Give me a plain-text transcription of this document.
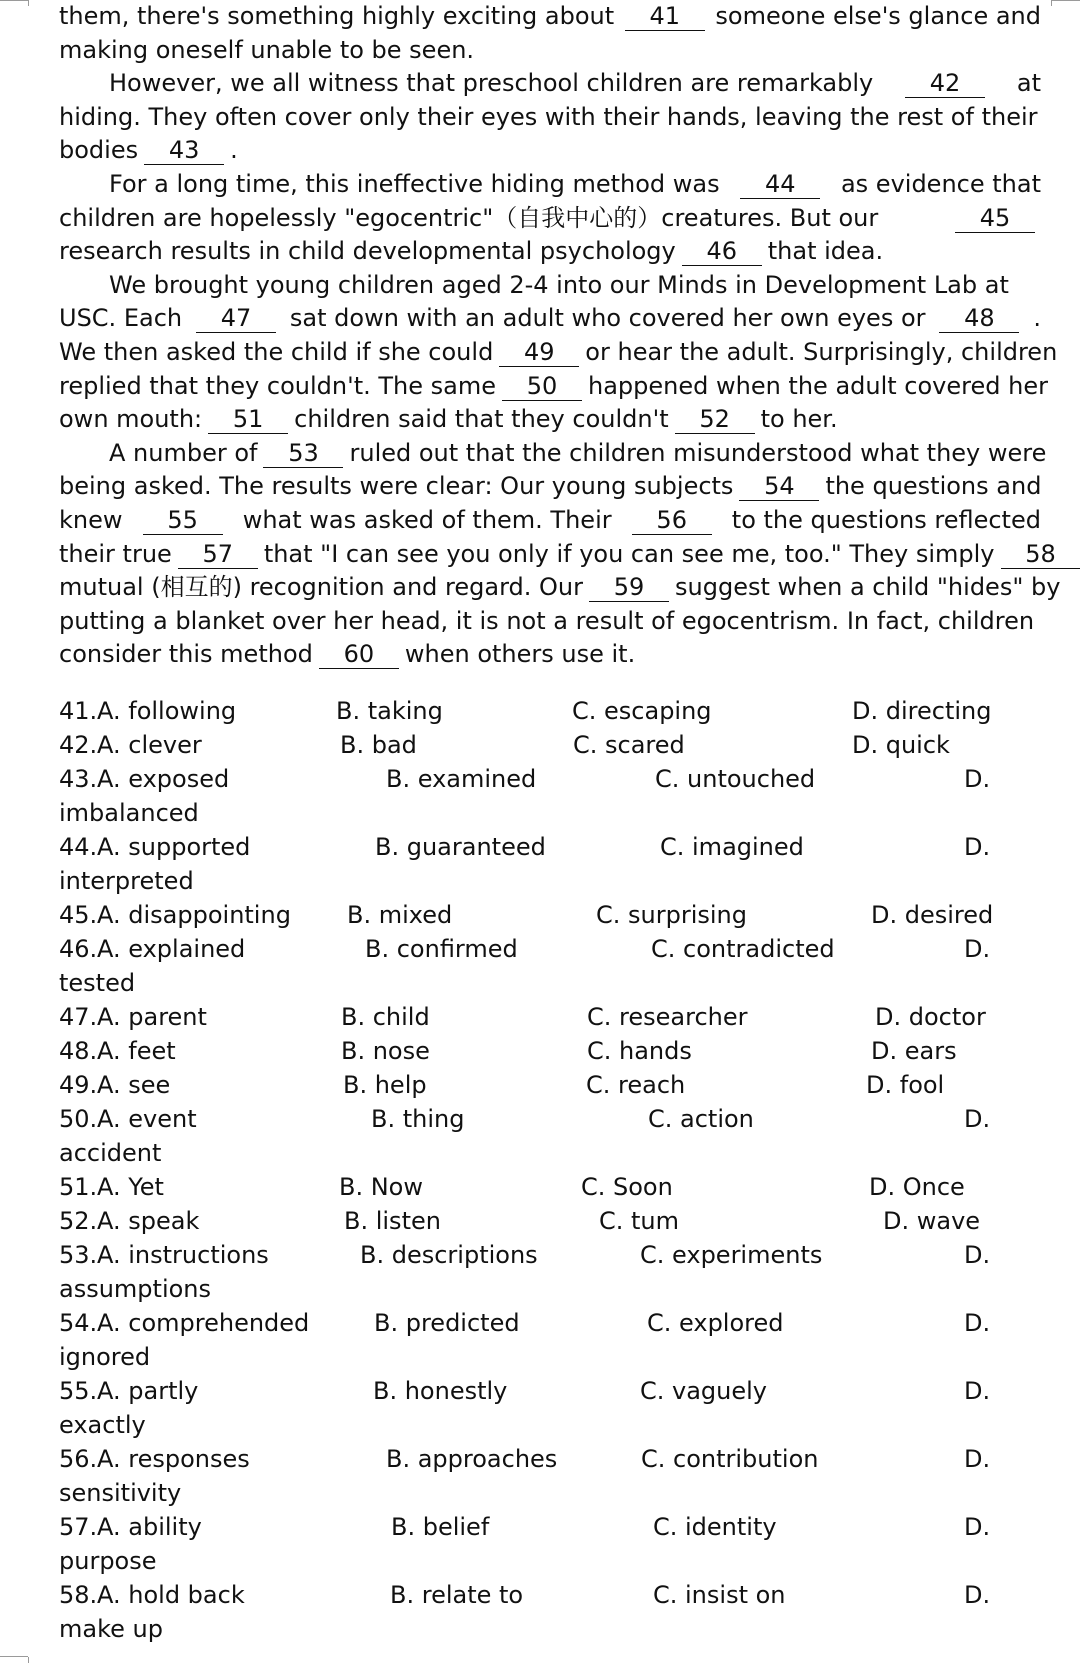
them, there's something highly exciting about	41	someone else's glance and
making oneself unable to be seen.
However, we all witness that preschool children are remarkably	42	at
hiding. They often cover only their eyes with their hands, leaving the rest of their
bodies	43	.
For a long time, this ineffective hiding method was	44	as evidence that
children are hopelessly "egocentric"（自我中心的）creatures. But our	45
research results in child developmental psychology	46	that idea.
We brought young children aged 2-4 into our Minds in Development Lab at
USC. Each	47	sat down with an adult who covered her own eyes or	48	.
We then asked the child if she could	49	or hear the adult. Surprisingly, children
replied that they couldn't. The same	50	happened when the adult covered her
own mouth:	51	children said that they couldn't	52	to her.
A number of	53	ruled out that the children misunderstood what they were
being asked. The results were clear: Our young subjects	54	the questions and
knew	55	what was asked of them. Their	56	to the questions reflected
their true	57	that "I can see you only if you can see me, too." They simply	58
mutual (相互的) recognition and regard. Our	59	suggest when a child "hides" by
putting a blanket over her head, it is not a result of egocentrism. In fact, children
consider this method	60	when others use it.
41. A. following	B. taking	C. escaping	D. directing
42. A. clever	B. bad	C. scared	D. quick
43. A. exposed	B. examined	C. untouched	D.
imbalanced
44. A. supported	B. guaranteed	C. imagined	D.
interpreted
45. A. disappointing B. mixed	C. surprising	D. desired
46. A. explained	B. confirmed	C. contradicted	D.
tested
47. A. parent	B. child	C. researcher	D. doctor
48. A. feet	B. nose	C. hands	D. ears
49. A. see	B. help	C. reach	D. fool
50. A. event	B. thing	C. action	D.
accident
51. A. Yet	B. Now	C. Soon	D. Once
52. A. speak	B. listen	C. tum	D. wave
53. A. instructions	B. descriptions	C. experiments	D.
assumptions
54. A. comprehended	B. predicted	C. explored	D.
ignored
55. A. partly	B. honestly	C. vaguely	D.
exactly
56. A. responses	B. approaches	C. contribution	D.
sensitivity
57. A. ability	B. belief	C. identity	D.
purpose
58. A. hold back	B. relate to	C. insist on	D.
make up
